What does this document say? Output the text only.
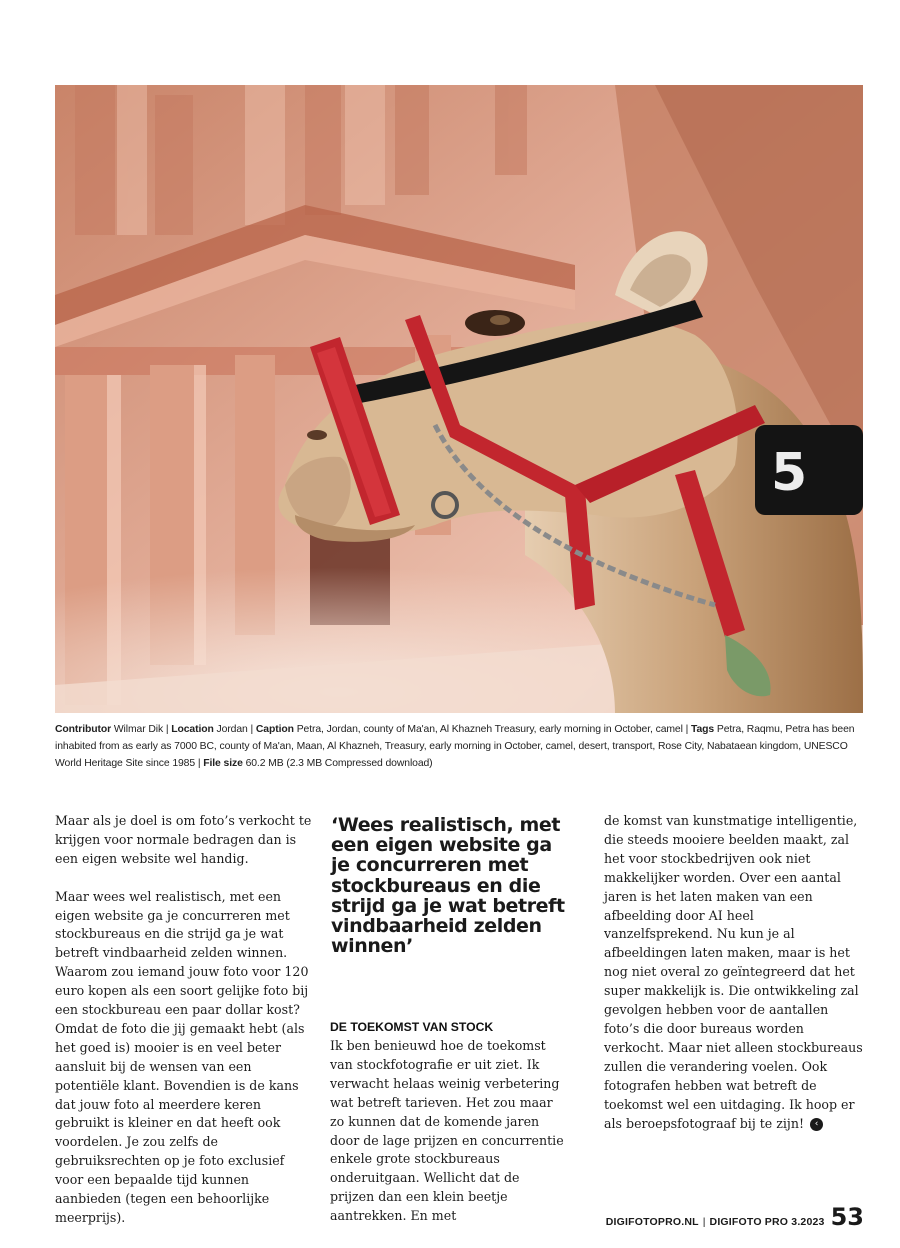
5
Contributor Wilmar Dik | Location Jordan | Caption Petra, Jordan, county of Ma'an, Al Khazneh Treasury, early morning in October, camel | Tags Petra, Raqmu, Petra has been inhabited from as early as 7000 BC, county of Ma'an, Maan, Al Khazneh, Treasury, early morning in October, camel, desert, transport, Rose City, Nabataean kingdom, UNESCO World Heritage Site since 1985 | File size 60.2 MB (2.3 MB Compressed download)

Maar als je doel is om foto’s verkocht te krijgen voor normale bedragen dan is een eigen website wel handig.

Maar wees wel realistisch, met een eigen website ga je concurreren met stockbureaus en die strijd ga je wat betreft vindbaarheid zelden winnen. Waarom zou iemand jouw foto voor 120 euro kopen als een soort gelijke foto bij een stockbureau een paar dollar kost? Omdat de foto die jij gemaakt hebt (als het goed is) mooier is en veel beter aansluit bij de wensen van een potentiële klant. Bovendien is de kans dat jouw foto al meerdere keren gebruikt is kleiner en dat heeft ook voordelen. Je zou zelfs de gebruiksrechten op je foto exclusief voor een bepaalde tijd kunnen aanbieden (tegen een behoorlijke meerprijs).

‘Wees realistisch, met een eigen website ga je concurreren met stockbureaus en die strijd ga je wat betreft vindbaarheid zelden winnen’
DE TOEKOMST VAN STOCK

Ik ben benieuwd hoe de toekomst van stockfotografie er uit ziet. Ik verwacht helaas weinig verbetering wat betreft tarieven. Het zou maar zo kunnen dat de komende jaren door de lage prijzen en concurrentie enkele grote stockbureaus onderuitgaan. Wellicht dat de prijzen dan een klein beetje aantrekken. En met

de komst van kunstmatige intelligentie, die steeds mooiere beelden maakt, zal het voor stockbedrijven ook niet makkelijker worden. Over een aantal jaren is het laten maken van een afbeelding door AI heel vanzelfsprekend. Nu kun je al afbeeldingen laten maken, maar is het nog niet overal zo geïntegreerd dat het super makkelijk is. Die ontwikkeling zal gevolgen hebben voor de aantallen foto’s die door bureaus worden verkocht. Maar niet alleen stockbureaus zullen die verandering voelen. Ook fotografen hebben wat betreft de toekomst wel een uitdaging. Ik hoop er als beroepsfotograaf bij te zijn! ‹

DIGIFOTOPRO.NL | DIGIFOTO PRO 3.2023 53
